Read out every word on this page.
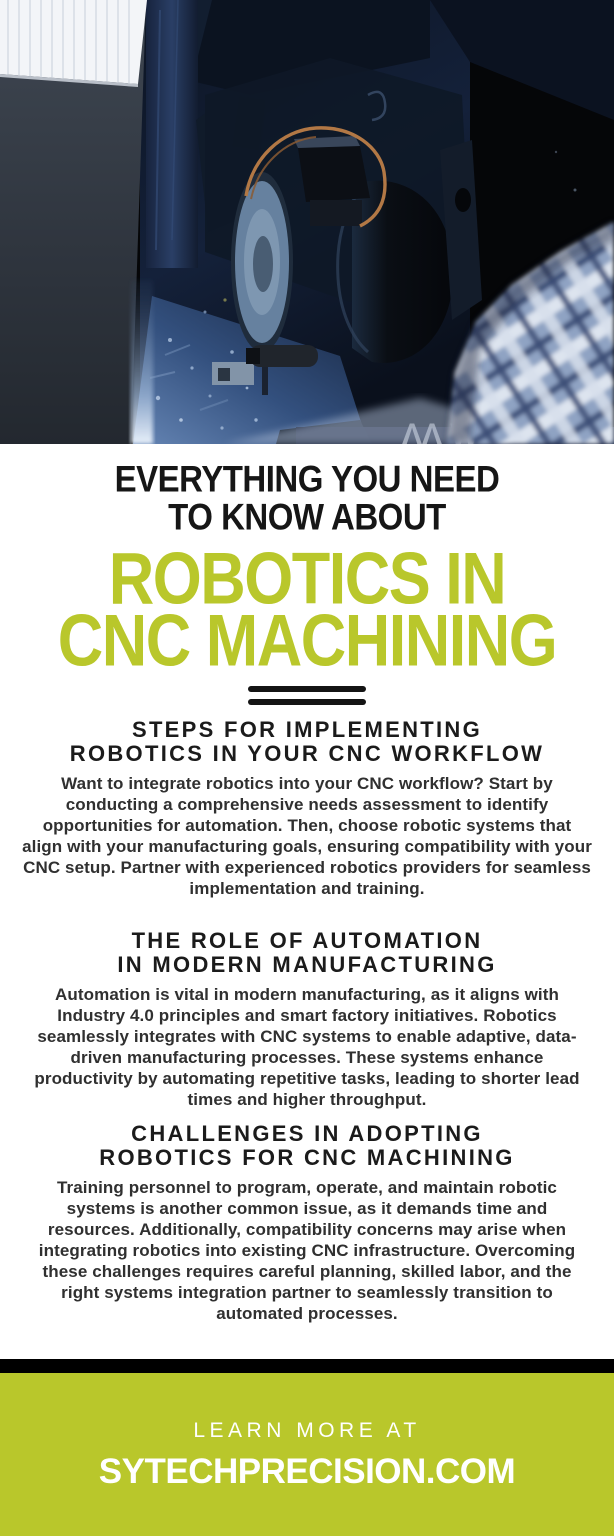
EVERYTHING YOU NEED
TO KNOW ABOUT
ROBOTICS IN
CNC MACHINING
STEPS FOR IMPLEMENTING
ROBOTICS IN YOUR CNC WORKFLOW

Want to integrate robotics into your CNC workflow? Start by conducting a comprehensive needs assessment to identify opportunities for automation. Then, choose robotic systems that align with your manufacturing goals, ensuring compatibility with your CNC setup. Partner with experienced robotics providers for seamless implementation and training.

THE ROLE OF AUTOMATION
IN MODERN MANUFACTURING

Automation is vital in modern manufacturing, as it aligns with Industry 4.0 principles and smart factory initiatives. Robotics seamlessly integrates with CNC systems to enable adaptive, data-driven manufacturing processes. These systems enhance productivity by automating repetitive tasks, leading to shorter lead times and higher throughput.

CHALLENGES IN ADOPTING
ROBOTICS FOR CNC MACHINING

Training personnel to program, operate, and maintain robotic systems is another common issue, as it demands time and resources. Additionally, compatibility concerns may arise when integrating robotics into existing CNC infrastructure. Overcoming these challenges requires careful planning, skilled labor, and the right systems integration partner to seamlessly transition to automated processes.

LEARN MORE AT
SYTECHPRECISION.COM
